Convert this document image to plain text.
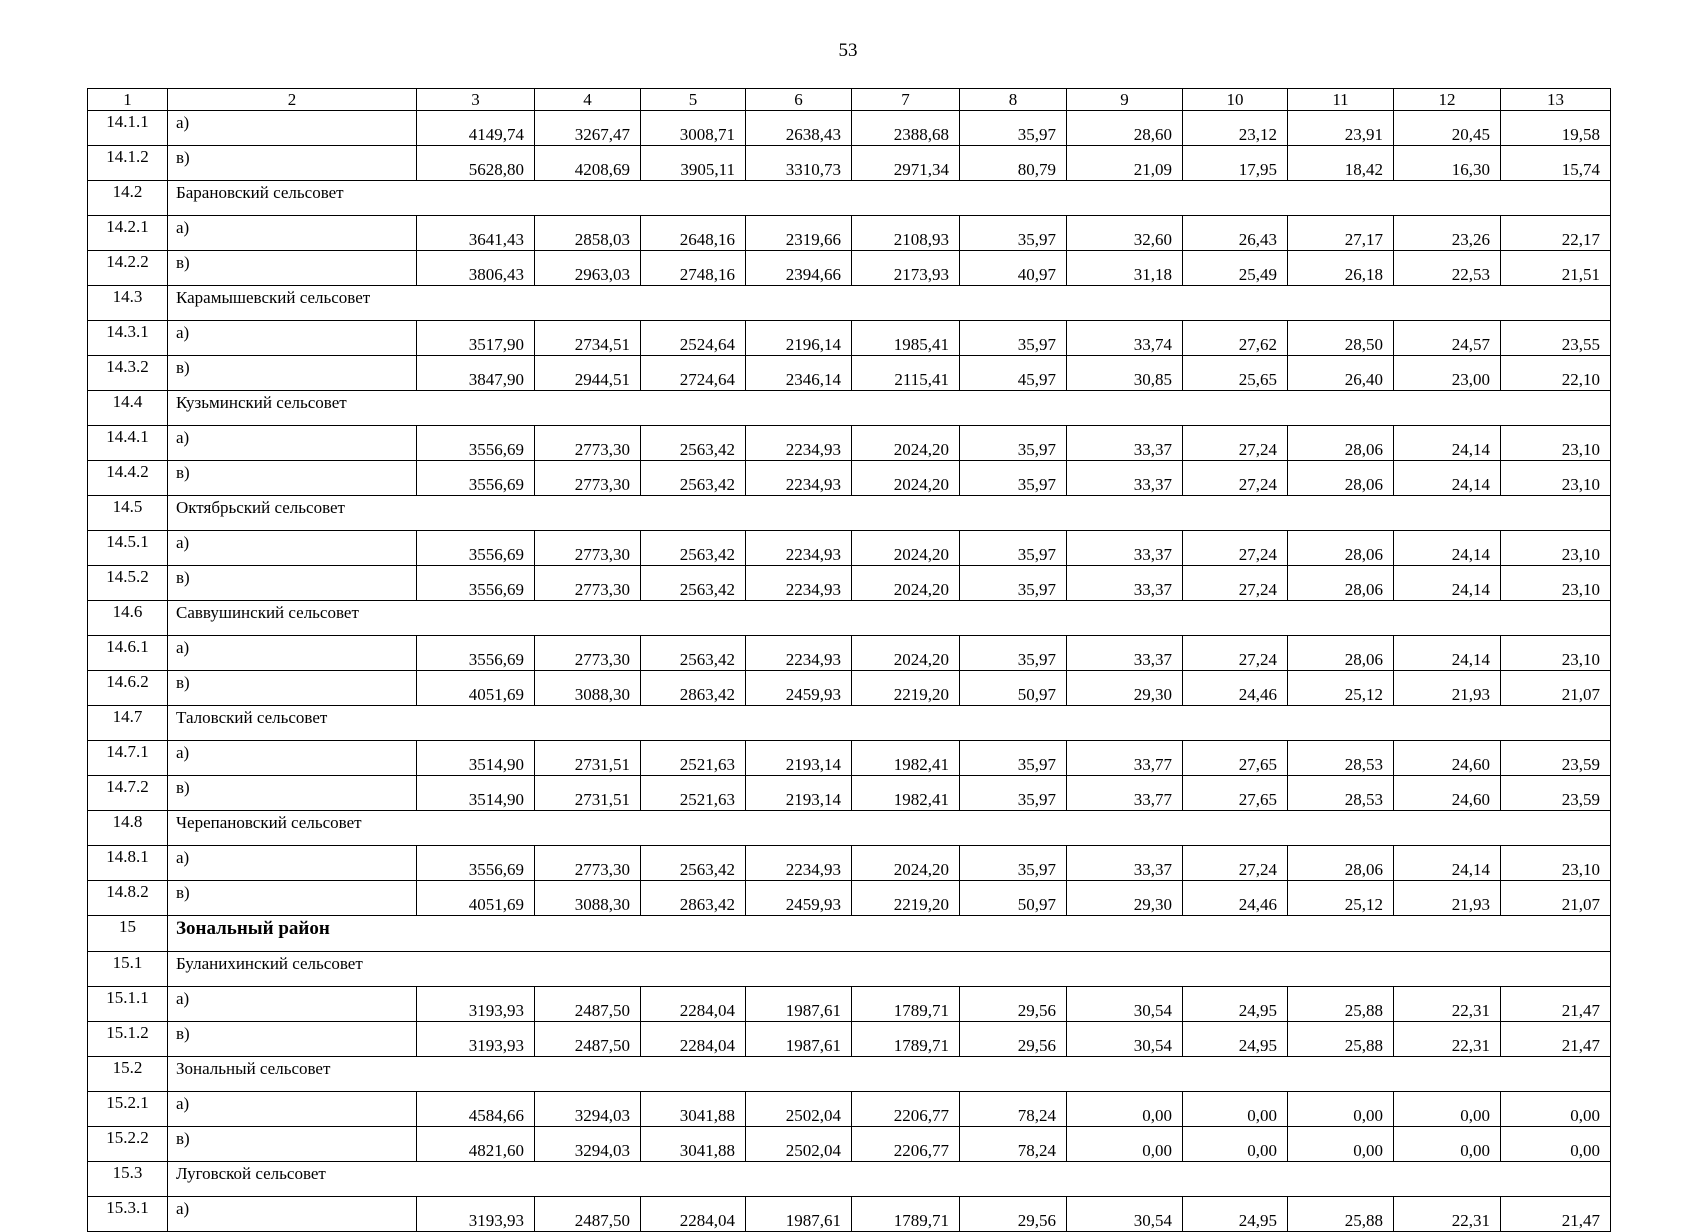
53
1	2	3	4	5	6	7	8	9	10	11	12	13
14.1.1	а)	4149,74	3267,47	3008,71	2638,43	2388,68	35,97	28,60	23,12	23,91	20,45	19,58
14.1.2	в)	5628,80	4208,69	3905,11	3310,73	2971,34	80,79	21,09	17,95	18,42	16,30	15,74
14.2	Барановский сельсовет											
14.2.1	а)	3641,43	2858,03	2648,16	2319,66	2108,93	35,97	32,60	26,43	27,17	23,26	22,17
14.2.2	в)	3806,43	2963,03	2748,16	2394,66	2173,93	40,97	31,18	25,49	26,18	22,53	21,51
14.3	Карамышевский сельсовет											
14.3.1	а)	3517,90	2734,51	2524,64	2196,14	1985,41	35,97	33,74	27,62	28,50	24,57	23,55
14.3.2	в)	3847,90	2944,51	2724,64	2346,14	2115,41	45,97	30,85	25,65	26,40	23,00	22,10
14.4	Кузьминский сельсовет											
14.4.1	а)	3556,69	2773,30	2563,42	2234,93	2024,20	35,97	33,37	27,24	28,06	24,14	23,10
14.4.2	в)	3556,69	2773,30	2563,42	2234,93	2024,20	35,97	33,37	27,24	28,06	24,14	23,10
14.5	Октябрьский сельсовет											
14.5.1	а)	3556,69	2773,30	2563,42	2234,93	2024,20	35,97	33,37	27,24	28,06	24,14	23,10
14.5.2	в)	3556,69	2773,30	2563,42	2234,93	2024,20	35,97	33,37	27,24	28,06	24,14	23,10
14.6	Саввушинский сельсовет											
14.6.1	а)	3556,69	2773,30	2563,42	2234,93	2024,20	35,97	33,37	27,24	28,06	24,14	23,10
14.6.2	в)	4051,69	3088,30	2863,42	2459,93	2219,20	50,97	29,30	24,46	25,12	21,93	21,07
14.7	Таловский сельсовет											
14.7.1	а)	3514,90	2731,51	2521,63	2193,14	1982,41	35,97	33,77	27,65	28,53	24,60	23,59
14.7.2	в)	3514,90	2731,51	2521,63	2193,14	1982,41	35,97	33,77	27,65	28,53	24,60	23,59
14.8	Черепановский сельсовет											
14.8.1	а)	3556,69	2773,30	2563,42	2234,93	2024,20	35,97	33,37	27,24	28,06	24,14	23,10
14.8.2	в)	4051,69	3088,30	2863,42	2459,93	2219,20	50,97	29,30	24,46	25,12	21,93	21,07
15	Зональный район											
15.1	Буланихинский сельсовет											
15.1.1	а)	3193,93	2487,50	2284,04	1987,61	1789,71	29,56	30,54	24,95	25,88	22,31	21,47
15.1.2	в)	3193,93	2487,50	2284,04	1987,61	1789,71	29,56	30,54	24,95	25,88	22,31	21,47
15.2	Зональный сельсовет											
15.2.1	а)	4584,66	3294,03	3041,88	2502,04	2206,77	78,24	0,00	0,00	0,00	0,00	0,00
15.2.2	в)	4821,60	3294,03	3041,88	2502,04	2206,77	78,24	0,00	0,00	0,00	0,00	0,00
15.3	Луговской сельсовет											
15.3.1	а)	3193,93	2487,50	2284,04	1987,61	1789,71	29,56	30,54	24,95	25,88	22,31	21,47
